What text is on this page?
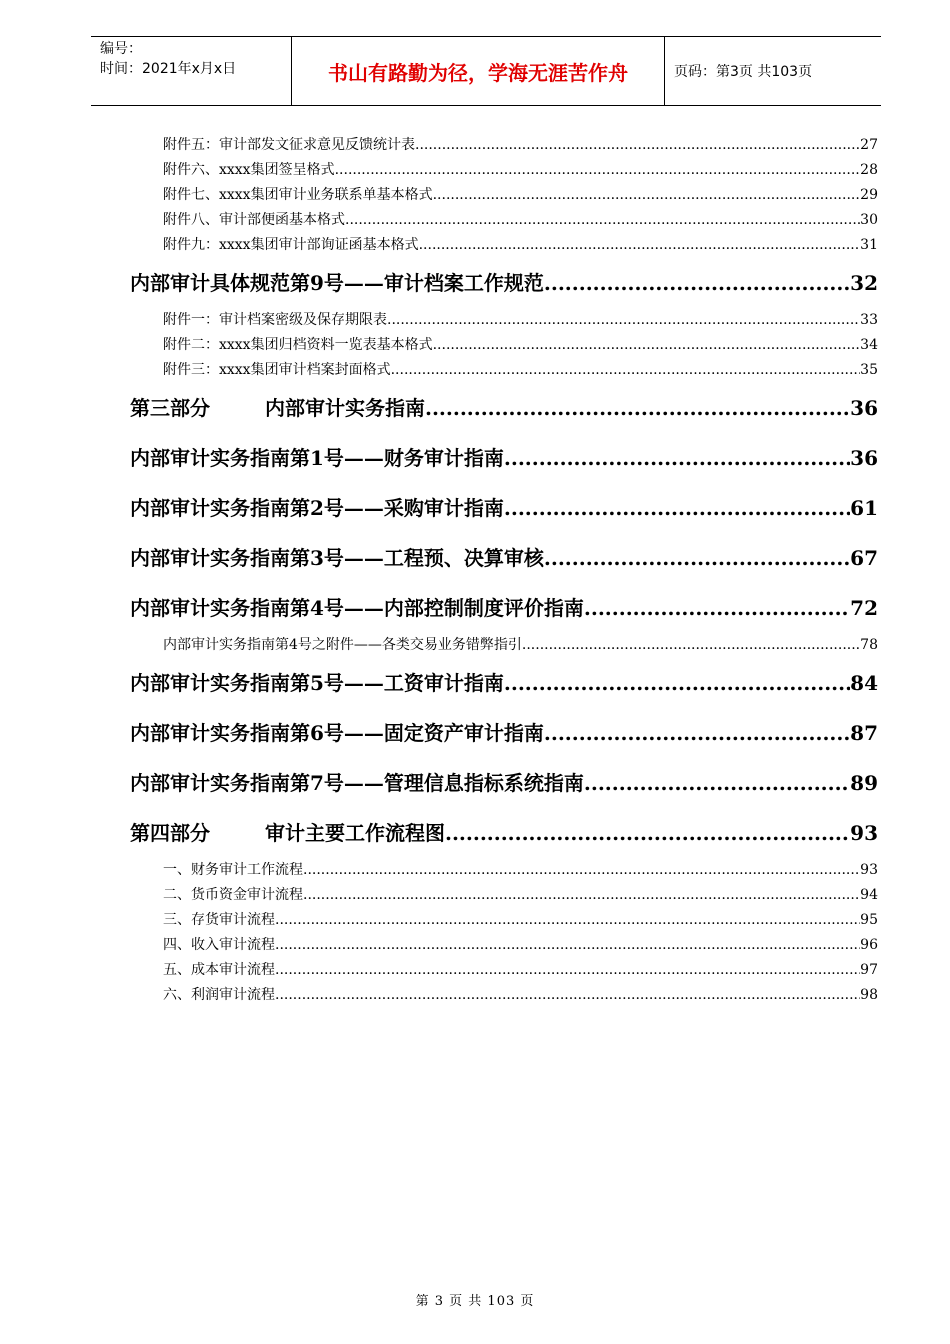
编号：
时间：2021年x月x日	书山有路勤为径，学海无涯苦作舟	页码：第3页 共103页
附件五：审计部发文征求意见反馈统计表 .....	27
附件六、xxxx集团签呈格式 .....	28
附件七、xxxx集团审计业务联系单基本格式 .....	29
附件八、审计部便函基本格式 .....	30
附件九：xxxx集团审计部询证函基本格式 .....	31
内部审计具体规范第9号——审计档案工作规范 .....	32
附件一：审计档案密级及保存期限表 .....	33
附件二：xxxx集团归档资料一览表基本格式 .....	34
附件三：xxxx集团审计档案封面格式 .....	35
第三部分	内部审计实务指南 .....	36
内部审计实务指南第1号——财务审计指南 .....	36
内部审计实务指南第2号——采购审计指南 .....	61
内部审计实务指南第3号——工程预、决算审核 .....	67
内部审计实务指南第4号——内部控制制度评价指南 .....	72
内部审计实务指南第4号之附件——各类交易业务错弊指引 .....	78
内部审计实务指南第5号——工资审计指南 .....	84
内部审计实务指南第6号——固定资产审计指南 .....	87
内部审计实务指南第7号——管理信息指标系统指南 .....	89
第四部分	审计主要工作流程图 .....	93
一、财务审计工作流程 .....	93
二、货币资金审计流程 .....	94
三、存货审计流程 .....	95
四、收入审计流程 .....	96
五、成本审计流程 .....	97
六、利润审计流程 .....	98
第 3 页 共 103 页
